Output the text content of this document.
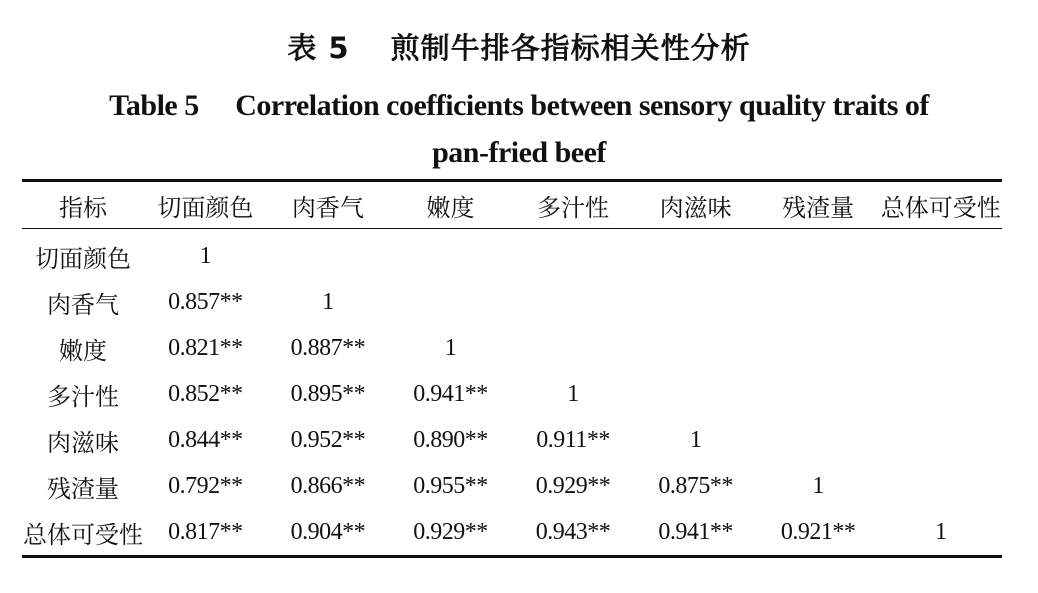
表 5　 煎制牛排各指标相关性分析
Table 5　 Correlation coefficients between sensory quality traits of
pan-fried beef
指标	切面颜色	肉香气	嫩度	多汁性	肉滋味	残渣量	总体可受性
切面颜色	1						
肉香气	0.857**	1					
嫩度	0.821**	0.887**	1				
多汁性	0.852**	0.895**	0.941**	1			
肉滋味	0.844**	0.952**	0.890**	0.911**	1		
残渣量	0.792**	0.866**	0.955**	0.929**	0.875**	1	
总体可受性	0.817**	0.904**	0.929**	0.943**	0.941**	0.921**	1
